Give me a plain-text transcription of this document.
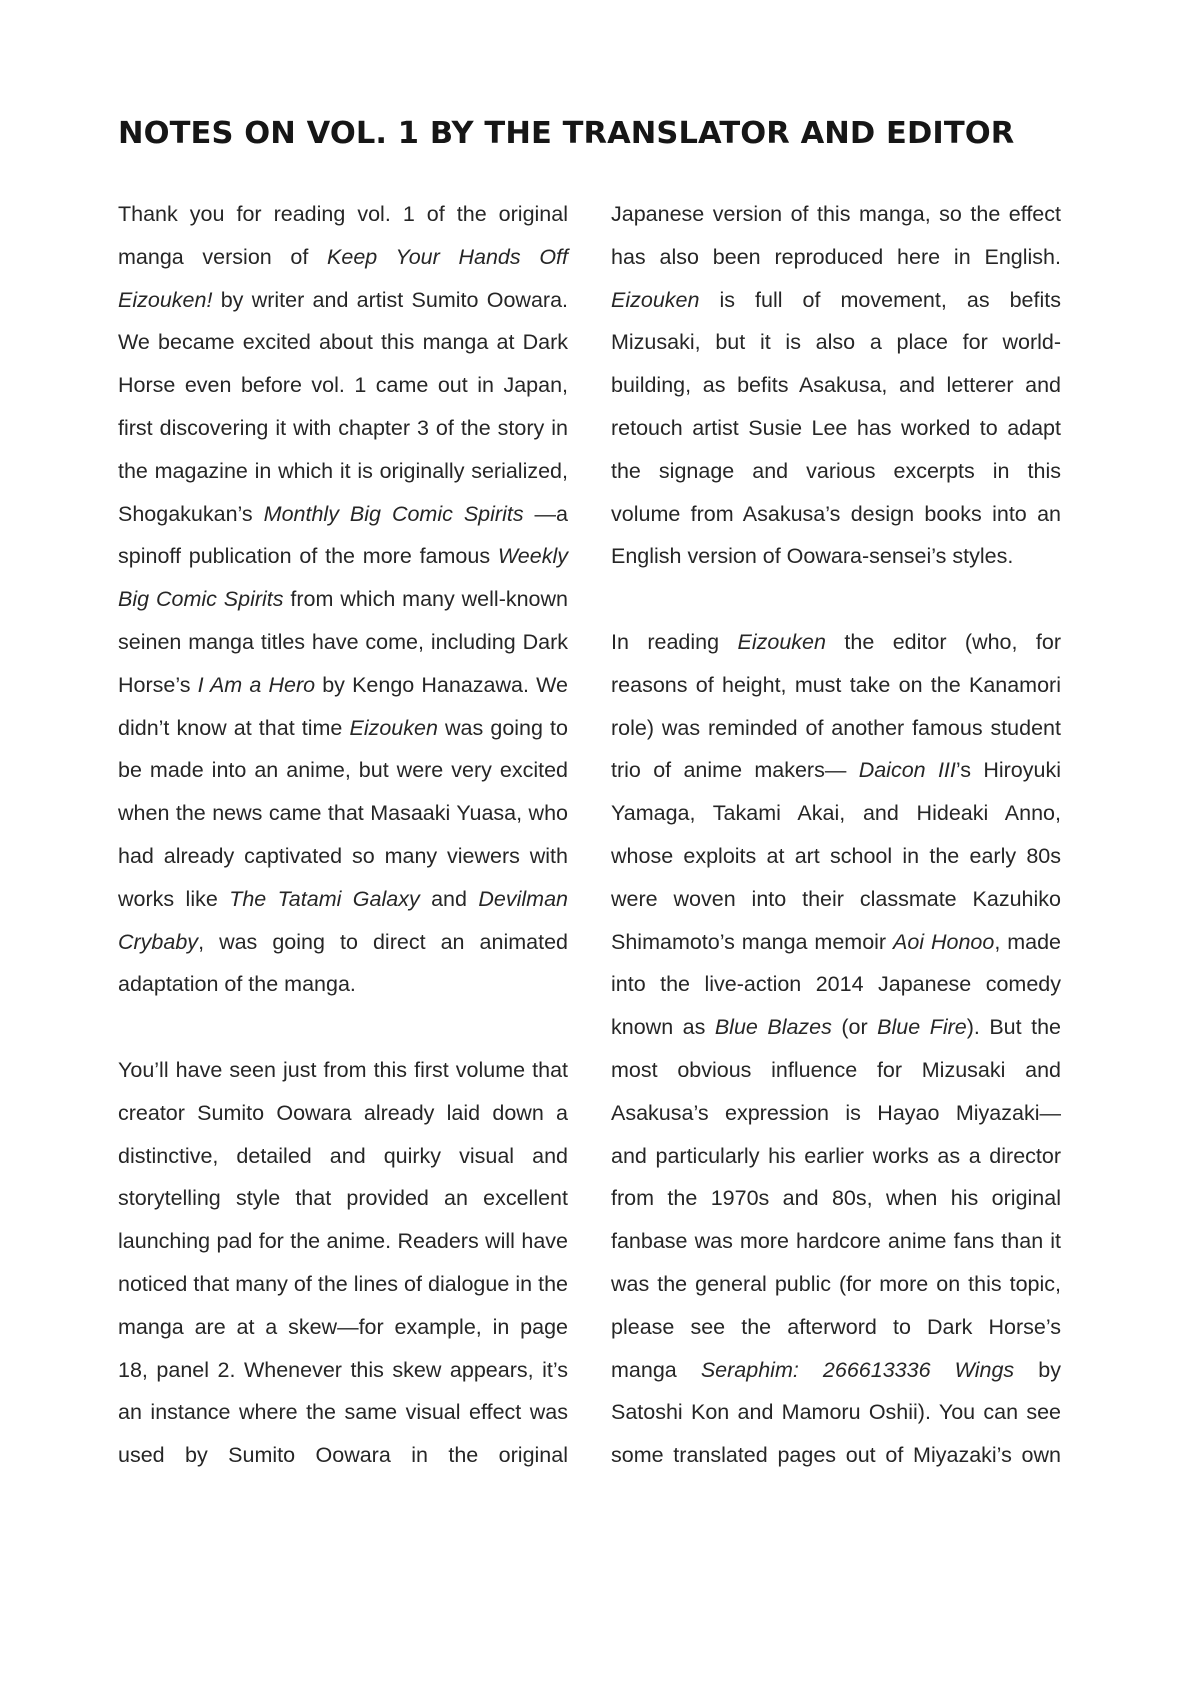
NOTES ON VOL. 1 BY THE TRANSLATOR AND EDITOR

Thank you for reading vol. 1 of the original manga version of Keep Your Hands Off Eizouken! by writer and artist Sumito Oowara. We became excited about this manga at Dark Horse even before vol. 1 came out in Japan, first discovering it with chapter 3 of the story in the magazine in which it is originally serialized, Shogakukan’s Monthly Big Comic Spirits —a spinoff publication of the more famous Weekly Big Comic Spirits from which many well-known seinen manga titles have come, including Dark Horse’s I Am a Hero by Kengo Hanazawa. We didn’t know at that time Eizouken was going to be made into an anime, but were very excited when the news came that Masaaki Yuasa, who had already captivated so many viewers with works like The Tatami Galaxy and Devilman Crybaby, was going to direct an animated adaptation of the manga.

You’ll have seen just from this first volume that creator Sumito Oowara already laid down a distinctive, detailed and quirky visual and storytelling style that provided an excellent launching pad for the anime. Readers will have noticed that many of the lines of dialogue in the manga are at a skew—for example, in page 18, panel 2. Whenever this skew appears, it’s an instance where the same visual effect was used by Sumito Oowara in the original

Japanese version of this manga, so the effect has also been reproduced here in English. Eizouken is full of movement, as befits Mizusaki, but it is also a place for world-building, as befits Asakusa, and letterer and retouch artist Susie Lee has worked to adapt the signage and various excerpts in this volume from Asakusa’s design books into an English version of Oowara-sensei’s styles.

In reading Eizouken the editor (who, for reasons of height, must take on the Kanamori role) was reminded of another famous student trio of anime makers— Daicon III’s Hiroyuki Yamaga, Takami Akai, and Hideaki Anno, whose exploits at art school in the early 80s were woven into their classmate Kazuhiko Shimamoto’s manga memoir Aoi Honoo, made into the live-action 2014 Japanese comedy known as Blue Blazes (or Blue Fire). But the most obvious influence for Mizusaki and Asakusa’s expression is Hayao Miyazaki— and particularly his earlier works as a director from the 1970s and 80s, when his original fanbase was more hardcore anime fans than it was the general public (for more on this topic, please see the afterword to Dark Horse’s manga Seraphim: 266613336 Wings by Satoshi Kon and Mamoru Oshii). You can see some translated pages out of Miyazaki’s own
